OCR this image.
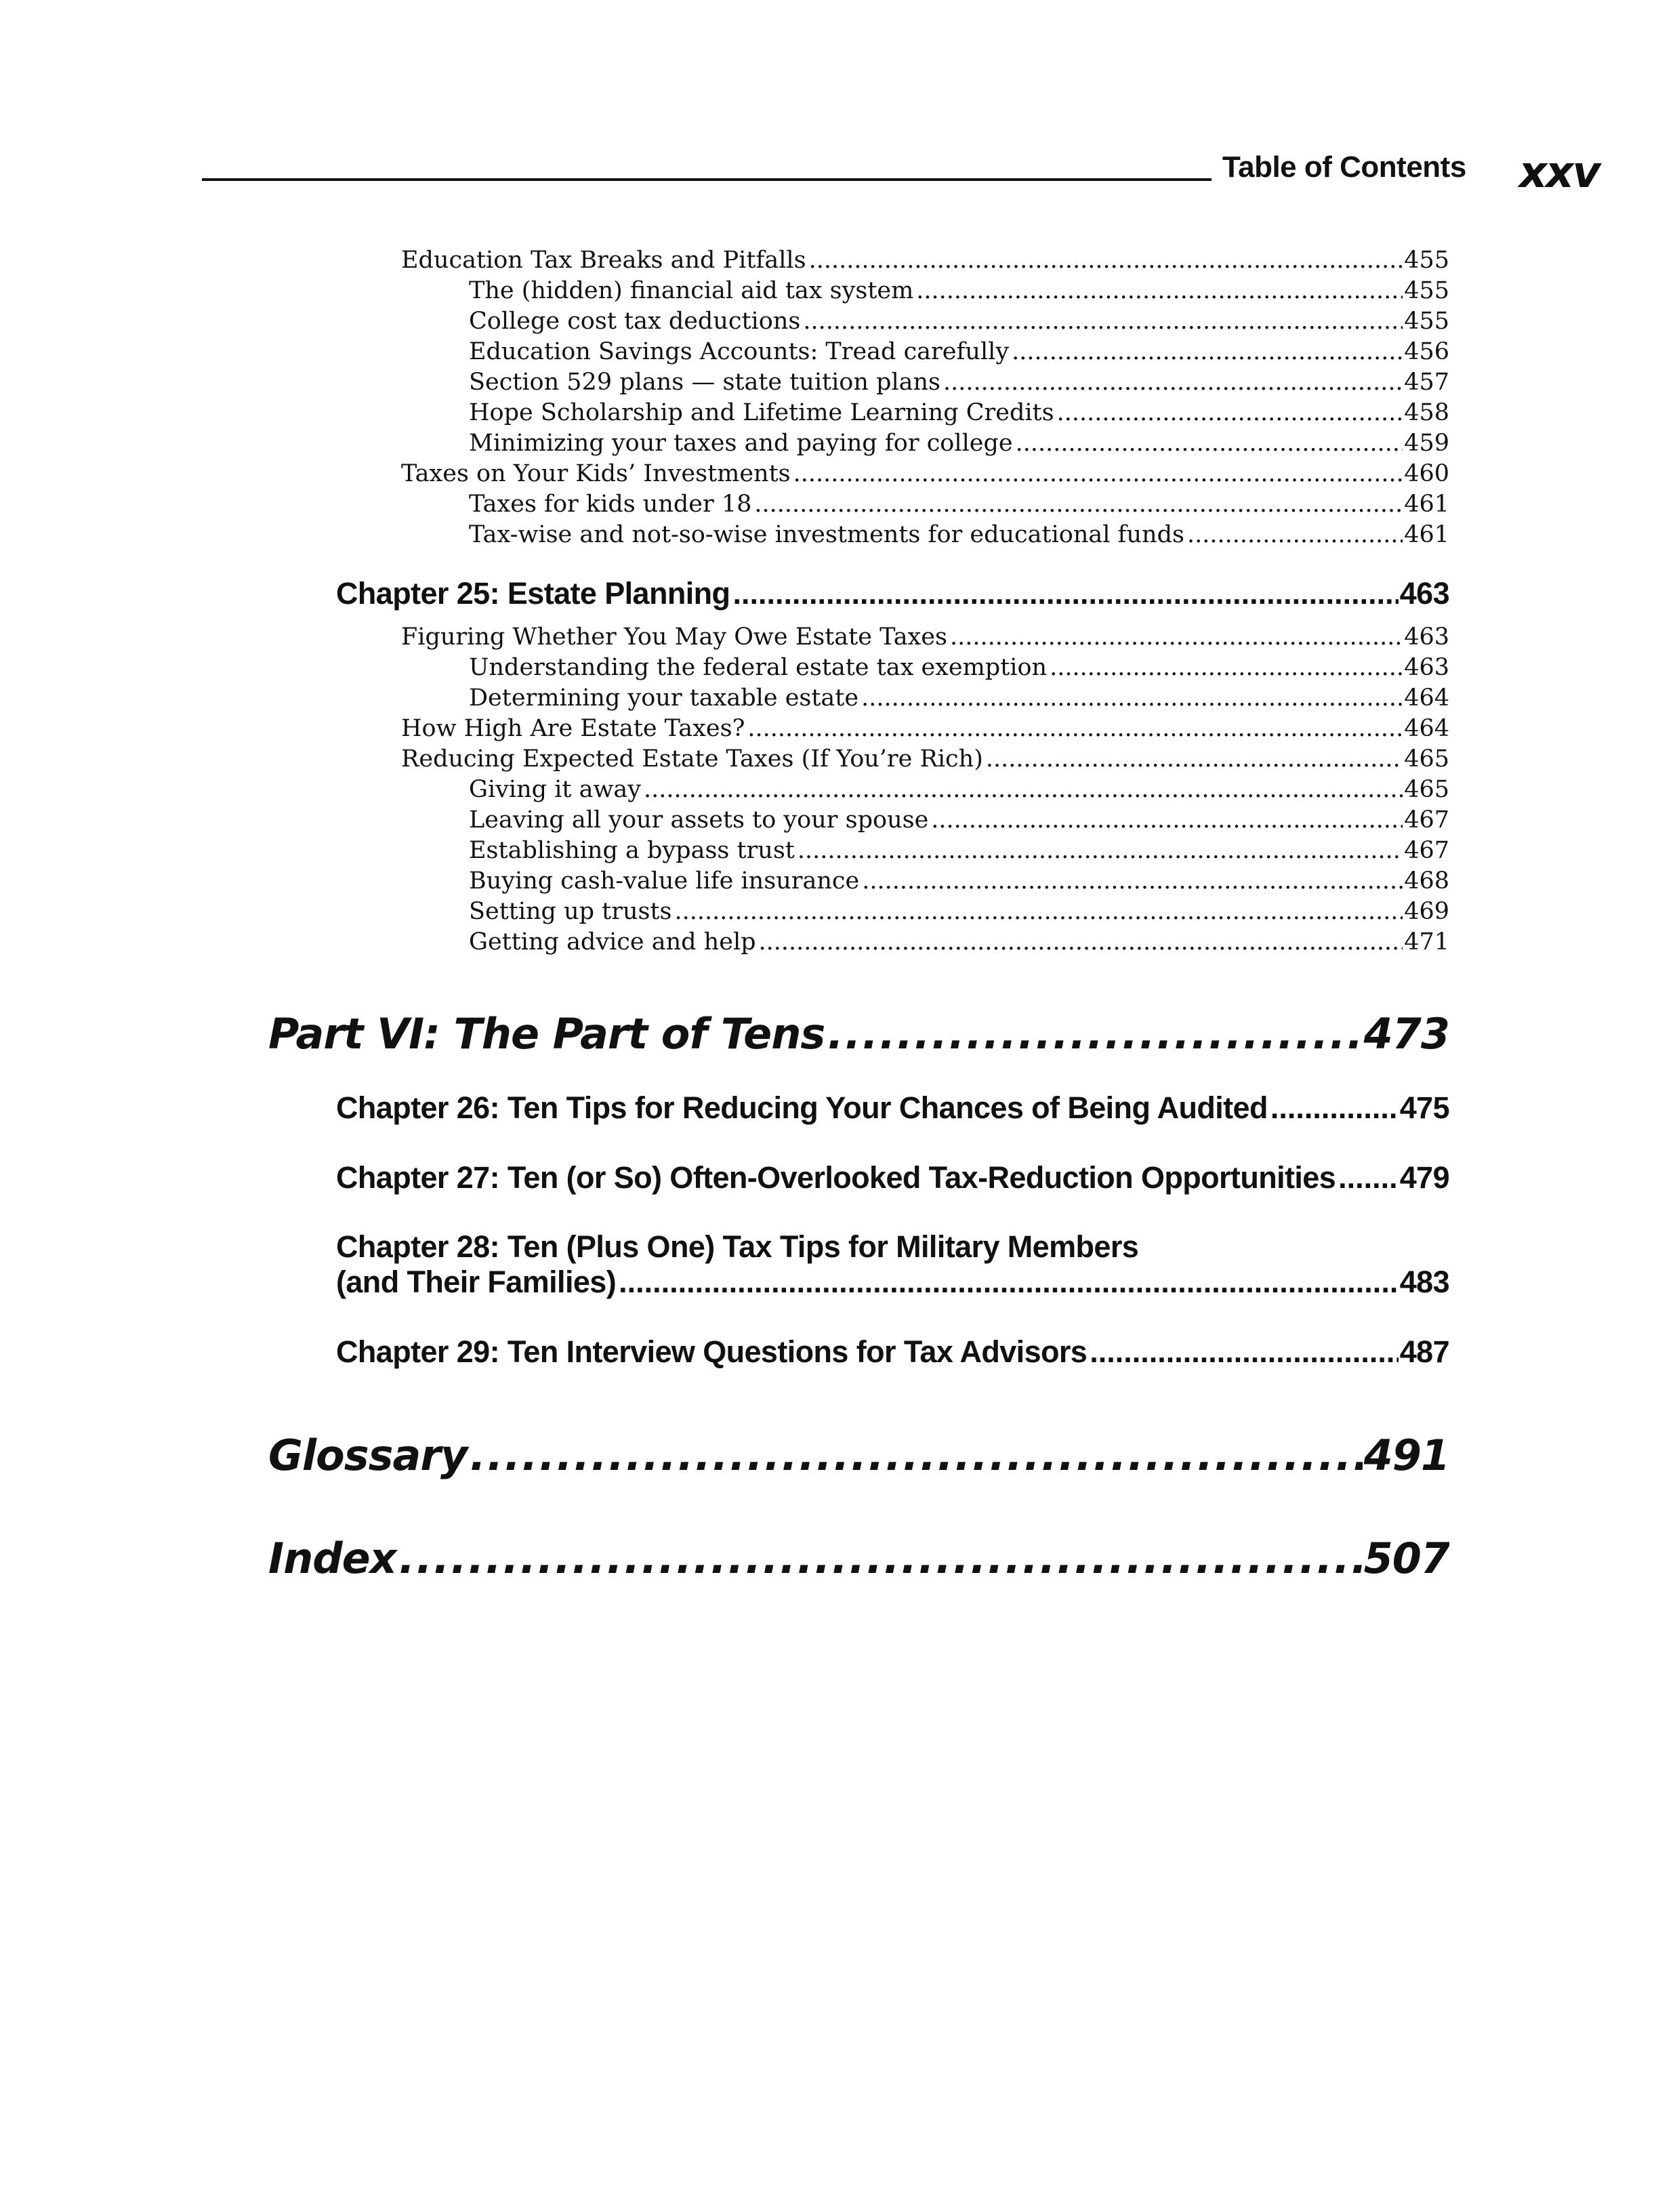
Table of Contents xxv
Education Tax Breaks and Pitfalls .....	455
The (hidden) financial aid tax system .....	455
College cost tax deductions .....	455
Education Savings Accounts: Tread carefully .....	456
Section 529 plans — state tuition plans .....	457
Hope Scholarship and Lifetime Learning Credits .....	458
Minimizing your taxes and paying for college .....	459
Taxes on Your Kids’ Investments .....	460
Taxes for kids under 18 .....	461
Tax-wise and not-so-wise investments for educational funds .....	461
Chapter 25: Estate Planning .....	463
Figuring Whether You May Owe Estate Taxes .....	463
Understanding the federal estate tax exemption .....	463
Determining your taxable estate .....	464
How High Are Estate Taxes? .....	464
Reducing Expected Estate Taxes (If You’re Rich) .....	465
Giving it away .....	465
Leaving all your assets to your spouse .....	467
Establishing a bypass trust .....	467
Buying cash-value life insurance .....	468
Setting up trusts .....	469
Getting advice and help .....	471
Part VI: The Part of Tens .....	473
Chapter 26: Ten Tips for Reducing Your Chances of Being Audited .....	475
Chapter 27: Ten (or So) Often-Overlooked Tax-Reduction Opportunities ..... 479
Chapter 28: Ten (Plus One) Tax Tips for Military Members
(and Their Families) .....	483
Chapter 29: Ten Interview Questions for Tax Advisors .....	487
Glossary .....	491
Index .....	507
